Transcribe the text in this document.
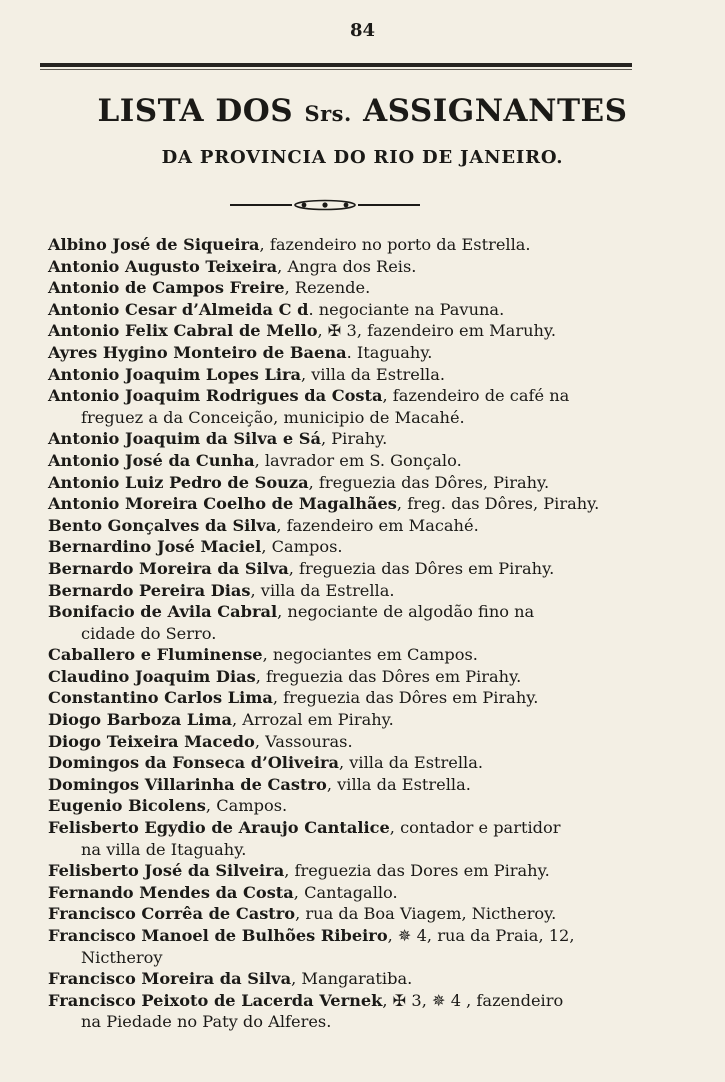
84
LISTA DOS Srs. ASSIGNANTES
DA PROVINCIA DO RIO DE JANEIRO.
Albino José de Siqueira, fazendeiro no porto da Estrella.
Antonio Augusto Teixeira, Angra dos Reis.
Antonio de Campos Freire, Rezende.
Antonio Cesar d’Almeida C d. negociante na Pavuna.
Antonio Felix Cabral de Mello, ✠ 3, fazendeiro em Maruhy.
Ayres Hygino Monteiro de Baena. Itaguahy.
Antonio Joaquim Lopes Lira, villa da Estrella.
Antonio Joaquim Rodrigues da Costa, fazendeiro de café na
freguez a da Conceição, municipio de Macahé.
Antonio Joaquim da Silva e Sá, Pirahy.
Antonio José da Cunha, lavrador em S. Gonçalo.
Antonio Luiz Pedro de Souza, freguezia das Dôres, Pirahy.
Antonio Moreira Coelho de Magalhães, freg. das Dôres, Pirahy.
Bento Gonçalves da Silva, fazendeiro em Macahé.
Bernardino José Maciel, Campos.
Bernardo Moreira da Silva, freguezia das Dôres em Pirahy.
Bernardo Pereira Dias, villa da Estrella.
Bonifacio de Avila Cabral, negociante de algodão fino na
cidade do Serro.
Caballero e Fluminense, negociantes em Campos.
Claudino Joaquim Dias, freguezia das Dôres em Pirahy.
Constantino Carlos Lima, freguezia das Dôres em Pirahy.
Diogo Barboza Lima, Arrozal em Pirahy.
Diogo Teixeira Macedo, Vassouras.
Domingos da Fonseca d’Oliveira, villa da Estrella.
Domingos Villarinha de Castro, villa da Estrella.
Eugenio Bicolens, Campos.
Felisberto Egydio de Araujo Cantalice, contador e partidor
na villa de Itaguahy.
Felisberto José da Silveira, freguezia das Dores em Pirahy.
Fernando Mendes da Costa, Cantagallo.
Francisco Corrêa de Castro, rua da Boa Viagem, Nictheroy.
Francisco Manoel de Bulhões Ribeiro, ✵ 4, rua da Praia, 12,
Nictheroy
Francisco Moreira da Silva, Mangaratiba.
Francisco Peixoto de Lacerda Vernek, ✠ 3, ✵ 4 , fazendeiro
na Piedade no Paty do Alferes.
